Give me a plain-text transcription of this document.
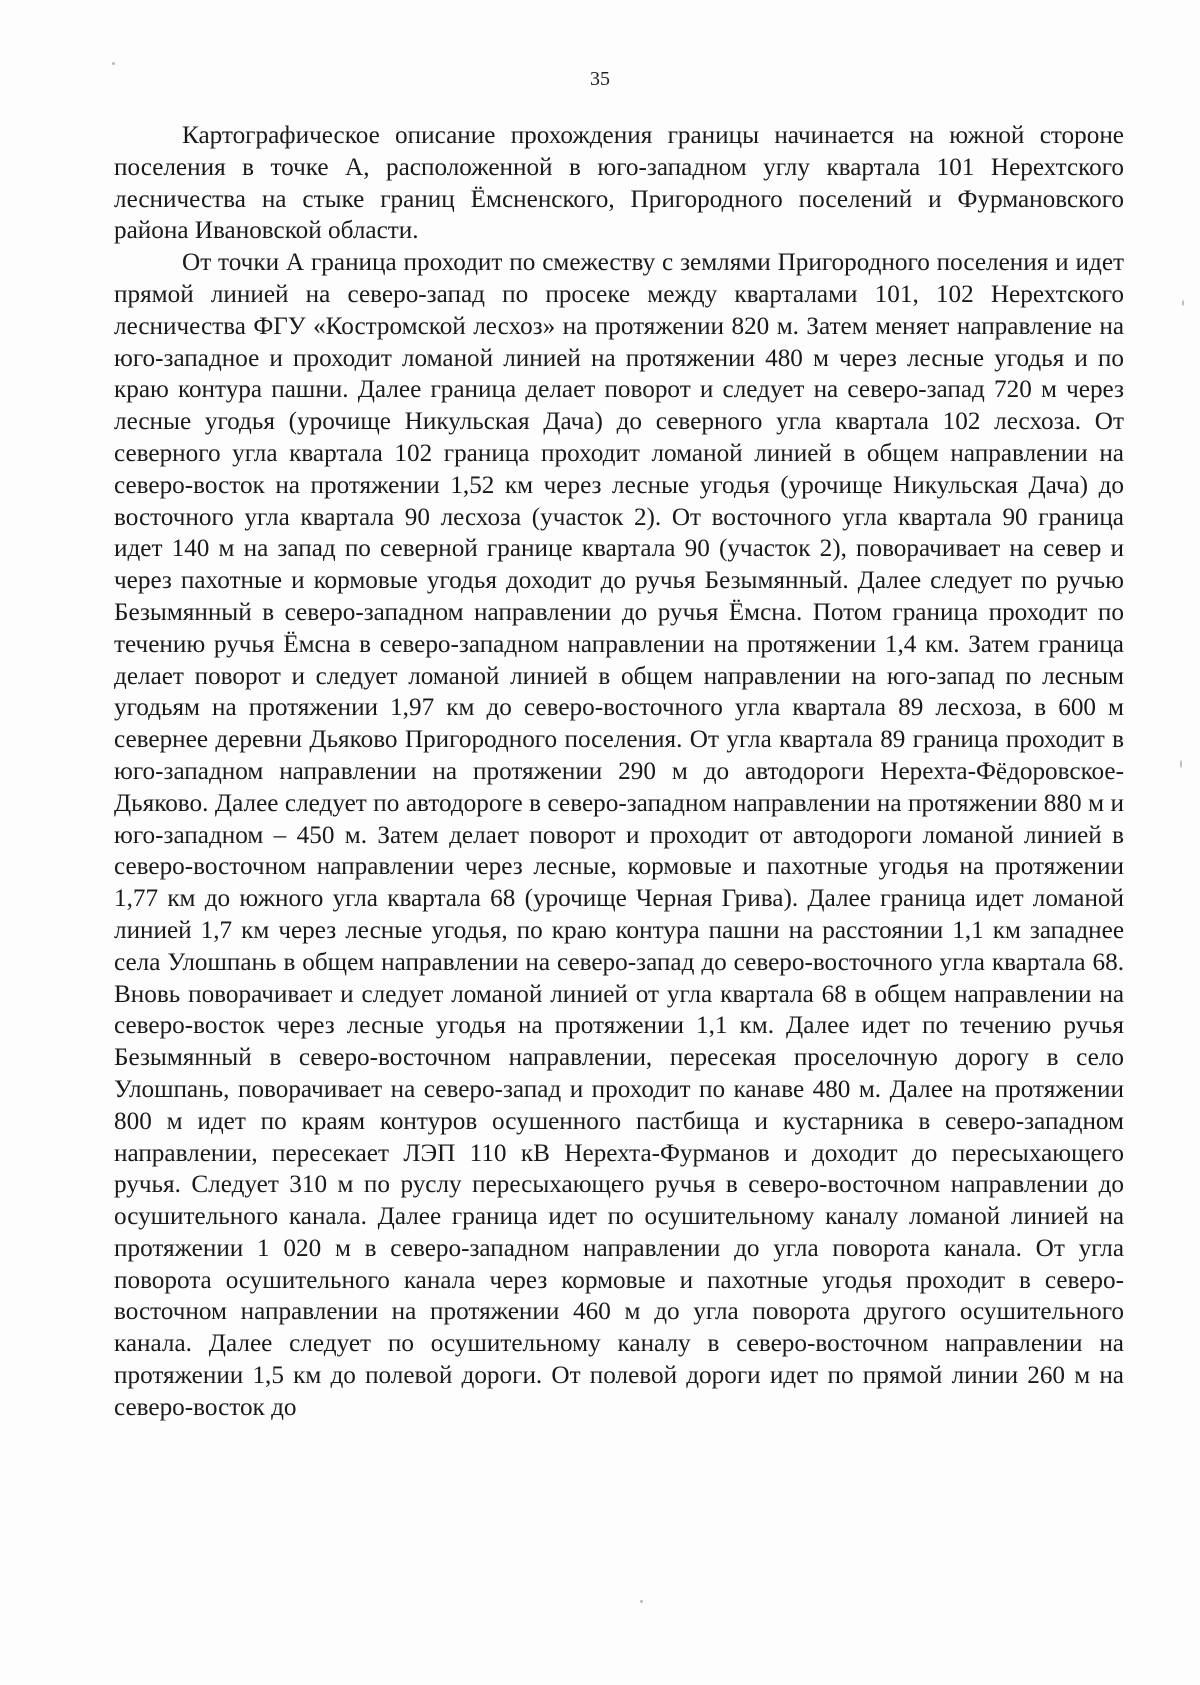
35

Картографическое описание прохождения границы начинается на южной стороне поселения в точке А, расположенной в юго-западном углу квартала 101 Нерехтского лесничества на стыке границ Ёмсненского, Пригородного поселений и Фурмановского района Ивановской области.

От точки А граница проходит по смежеству с землями Пригородного поселения и идет прямой линией на северо-запад по просеке между кварталами 101, 102 Нерехтского лесничества ФГУ «Костромской лесхоз» на протяжении 820 м. Затем меняет направление на юго-западное и проходит ломаной линией на протяжении 480 м через лесные угодья и по краю контура пашни. Далее граница делает поворот и следует на северо-запад 720 м через лесные угодья (урочище Никульская Дача) до северного угла квартала 102 лесхоза. От северного угла квартала 102 граница проходит ломаной линией в общем направлении на северо-восток на протяжении 1,52 км через лесные угодья (урочище Никульская Дача) до восточного угла квартала 90 лесхоза (участок 2). От восточного угла квартала 90 граница идет 140 м на запад по северной границе квартала 90 (участок 2), поворачивает на север и через пахотные и кормовые угодья доходит до ручья Безымянный. Далее следует по ручью Безымянный в северо-западном направлении до ручья Ёмсна. Потом граница проходит по течению ручья Ёмсна в северо-западном направлении на протяжении 1,4 км. Затем граница делает поворот и следует ломаной линией в общем направлении на юго-запад по лесным угодьям на протяжении 1,97 км до северо-восточного угла квартала 89 лесхоза, в 600 м севернее деревни Дьяково Пригородного поселения. От угла квартала 89 граница проходит в юго-западном направлении на протяжении 290 м до автодороги Нерехта-Фёдоровское-Дьяково. Далее следует по автодороге в северо-западном направлении на протяжении 880 м и юго-западном – 450 м. Затем делает поворот и проходит от автодороги ломаной линией в северо-восточном направлении через лесные, кормовые и пахотные угодья на протяжении 1,77 км до южного угла квартала 68 (урочище Черная Грива). Далее граница идет ломаной линией 1,7 км через лесные угодья, по краю контура пашни на расстоянии 1,1 км западнее села Улошпань в общем направлении на северо-запад до северо-восточного угла квартала 68. Вновь поворачивает и следует ломаной линией от угла квартала 68 в общем направлении на северо-восток через лесные угодья на протяжении 1,1 км. Далее идет по течению ручья Безымянный в северо-восточном направлении, пересекая проселочную дорогу в село Улошпань, поворачивает на северо-запад и проходит по канаве 480 м. Далее на протяжении 800 м идет по краям контуров осушенного пастбища и кустарника в северо-западном направлении, пересекает ЛЭП 110 кВ Нерехта-Фурманов и доходит до пересыхающего ручья. Следует 310 м по руслу пересыхающего ручья в северо-восточном направлении до осушительного канала. Далее граница идет по осушительному каналу ломаной линией на протяжении 1 020 м в северо-западном направлении до угла поворота канала. От угла поворота осушительного канала через кормовые и пахотные угодья проходит в северо-восточном направлении на протяжении 460 м до угла поворота другого осушительного канала. Далее следует по осушительному каналу в северо-восточном направлении на протяжении 1,5 км до полевой дороги. От полевой дороги идет по прямой линии 260 м на северо-восток до
